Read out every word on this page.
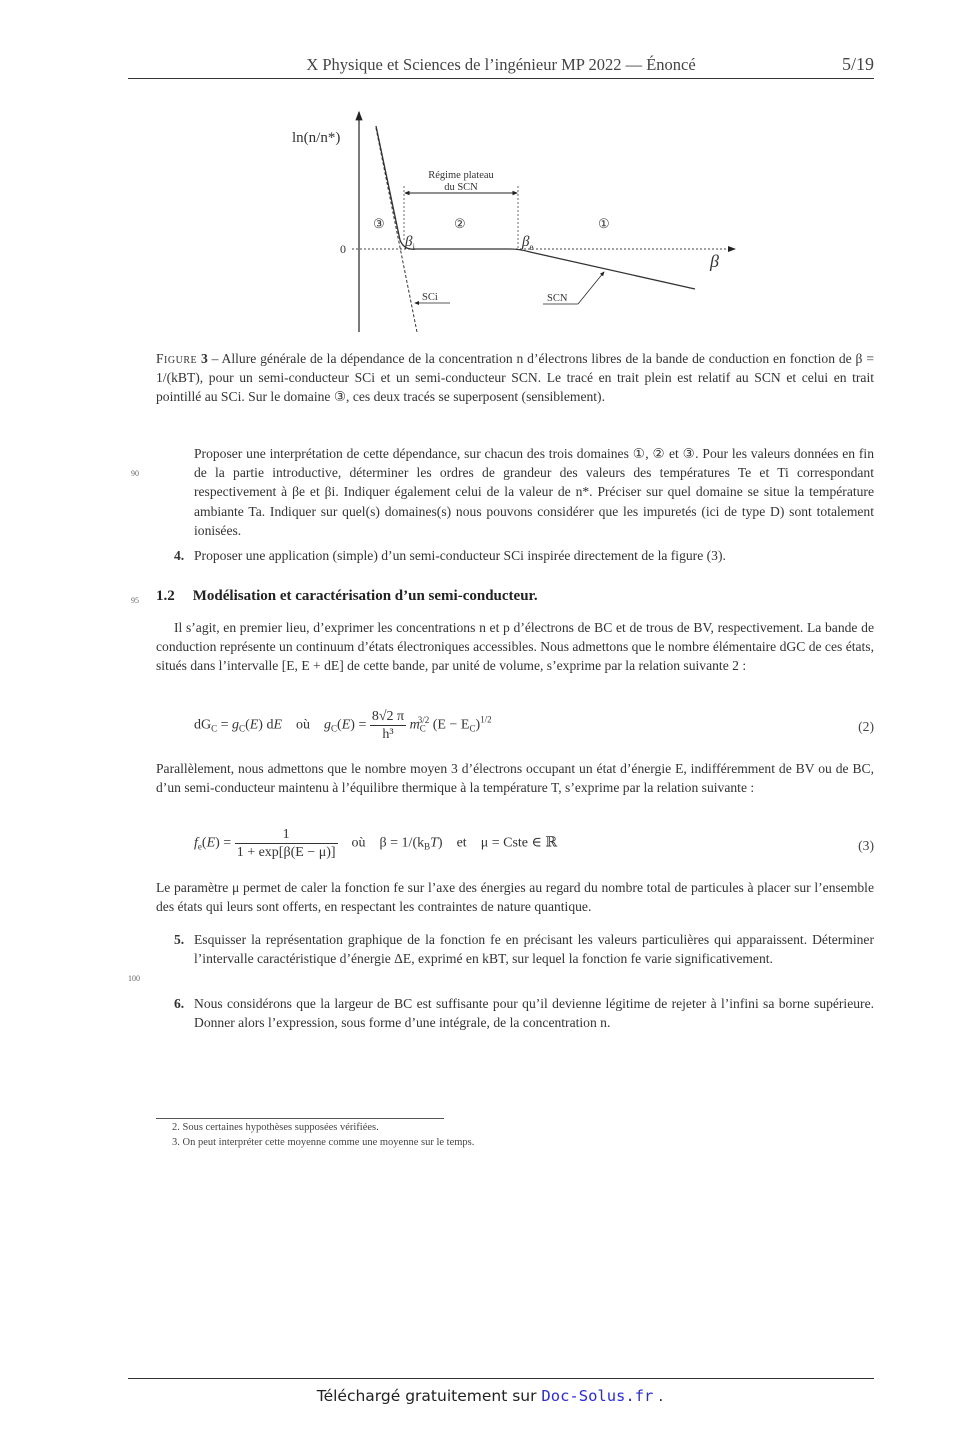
X Physique et Sciences de l’ingénieur MP 2022 — Énoncé	5/19
ln(n/n*)
0
Régime plateau
du SCN
③	②	①
$\beta_i$	$\beta_e$
β
SCi	SCN
Figure 3 – Allure générale de la dépendance de la concentration n d’électrons libres de la bande de conduction en fonction de β = 1/(kBT), pour un semi-conducteur SCi et un semi-conducteur SCN. Le tracé en trait plein est relatif au SCN et celui en trait pointillé au SCi. Sur le domaine ③, ces deux tracés se superposent (sensiblement).
Proposer une interprétation de cette dépendance, sur chacun des trois domaines ①, ② et ③. Pour les valeurs données en fin de la partie introductive, déterminer les ordres de grandeur des valeurs des températures Te et Ti correspondant respectivement à βe et βi. Indiquer également celui de la valeur de n*. Préciser sur quel domaine se situe la température ambiante Ta. Indiquer sur quel(s) domaines(s) nous pouvons considérer que les impuretés (ici de type D) sont totalement ionisées.
90
4. Proposer une application (simple) d’un semi-conducteur SCi inspirée directement de la figure (3).
95 1.2 Modélisation et caractérisation d’un semi-conducteur.
Il s’agit, en premier lieu, d’exprimer les concentrations n et p d’électrons de BC et de trous de BV, respectivement. La bande de conduction représente un continuum d’états électroniques accessibles. Nous admettons que le nombre élémentaire dGC de ces états, situés dans l’intervalle [E, E + dE] de cette bande, par unité de volume, s’exprime par la relation suivante 2 :
$dG_C = g_C(E)$ dE où $g_C(E) = \frac{8√2 \pi}{\text{h³}} m_C^{3/2}$ $(E - E_C)^{1/2}$	(2)
Parallèlement, nous admettons que le nombre moyen 3 d’électrons occupant un état d’énergie E, indifféremment de BV ou de BC, d’un semi-conducteur maintenu à l’équilibre thermique à la température T, s’exprime par la relation suivante :
$f_e(E) = \frac{1}{1 + \exp[\beta(E - \mu)]}$ où $\beta = 1/(k_BT)$    et μ = Cste ∈ ℝ	(3)
Le paramètre μ permet de caler la fonction fe sur l’axe des énergies au regard du nombre total de particules à placer sur l’ensemble des états qui leurs sont offerts, en respectant les contraintes de nature quantique.
5. Esquisser la représentation graphique de la fonction fe en précisant les valeurs particulières qui apparaissent. Déterminer l’intervalle caractéristique d’énergie ΔE, exprimé en kBT, sur lequel la fonction fe varie significativement.
100
6. Nous considérons que la largeur de BC est suffisante pour qu’il devienne légitime de rejeter à l’infini sa borne supérieure. Donner alors l’expression, sous forme d’une intégrale, de la concentration n.
2. Sous certaines hypothèses supposées vérifiées.
3. On peut interpréter cette moyenne comme une moyenne sur le temps.
Téléchargé gratuitement sur Doc-Solus.fr .
